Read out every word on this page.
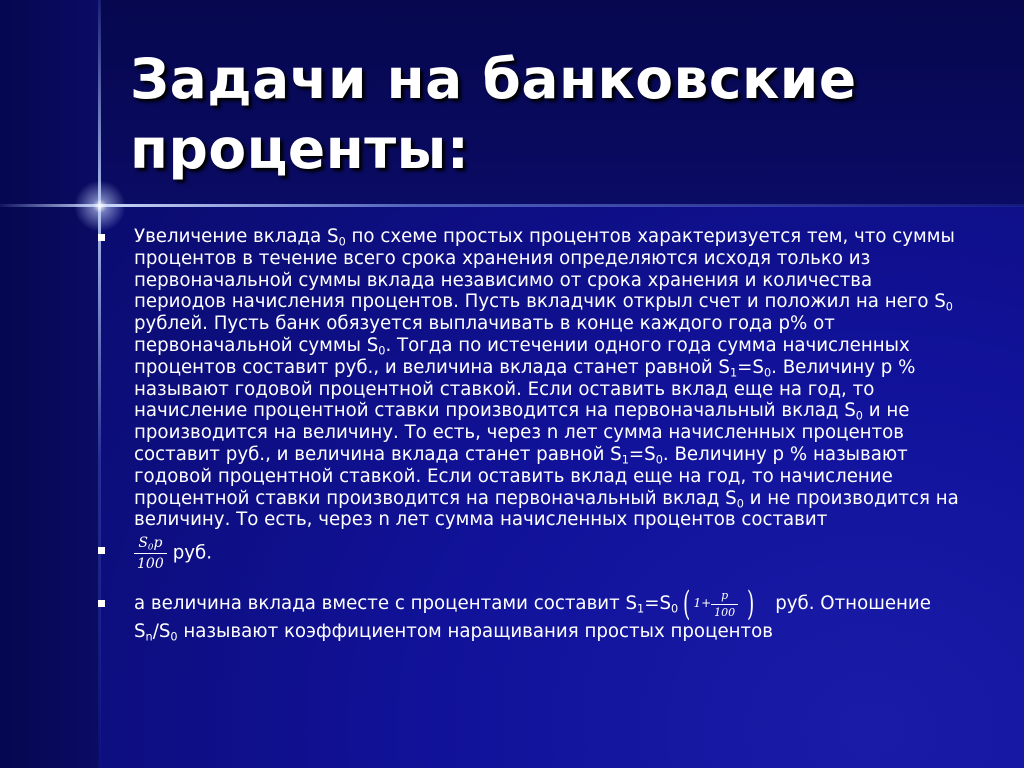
Задачи на банковские проценты:
Увеличение вклада $S_0$ по схеме простых процентов характеризуется тем, что суммы процентов в течение всего срока хранения определяются исходя только из первоначальной суммы вклада независимо от срока хранения и количества периодов начисления процентов. Пусть вкладчик открыл счет и положил на него $S_0$ рублей. Пусть банк обязуется выплачивать в конце каждого года р% от первоначальной суммы $S_0$. Тогда по истечении одного года сумма начисленных процентов составит руб., и величина вклада станет равной $S_1=S_0$. Величину р % называют годовой процентной ставкой. Если оставить вклад еще на год, то начисление процентной ставки производится на первоначальный вклад $S_0$ и не производится на величину. То есть, через n лет сумма начисленных процентов составит руб., и величина вклада станет равной $S_1=S_0$. Величину р % называют годовой процентной ставкой. Если оставить вклад еще на год, то начисление процентной ставки производится на первоначальный вклад $S_0$ и не производится на величину. То есть, через n лет сумма начисленных процентов составит
$\frac{S_0p}{100}$ руб.
а величина вклада вместе с процентами составит $S_1=S_0$ ( $1+ \frac{p}{100}$ ) руб. Отношение $S_n/S_0$ называют коэффициентом наращивания простых процентов
